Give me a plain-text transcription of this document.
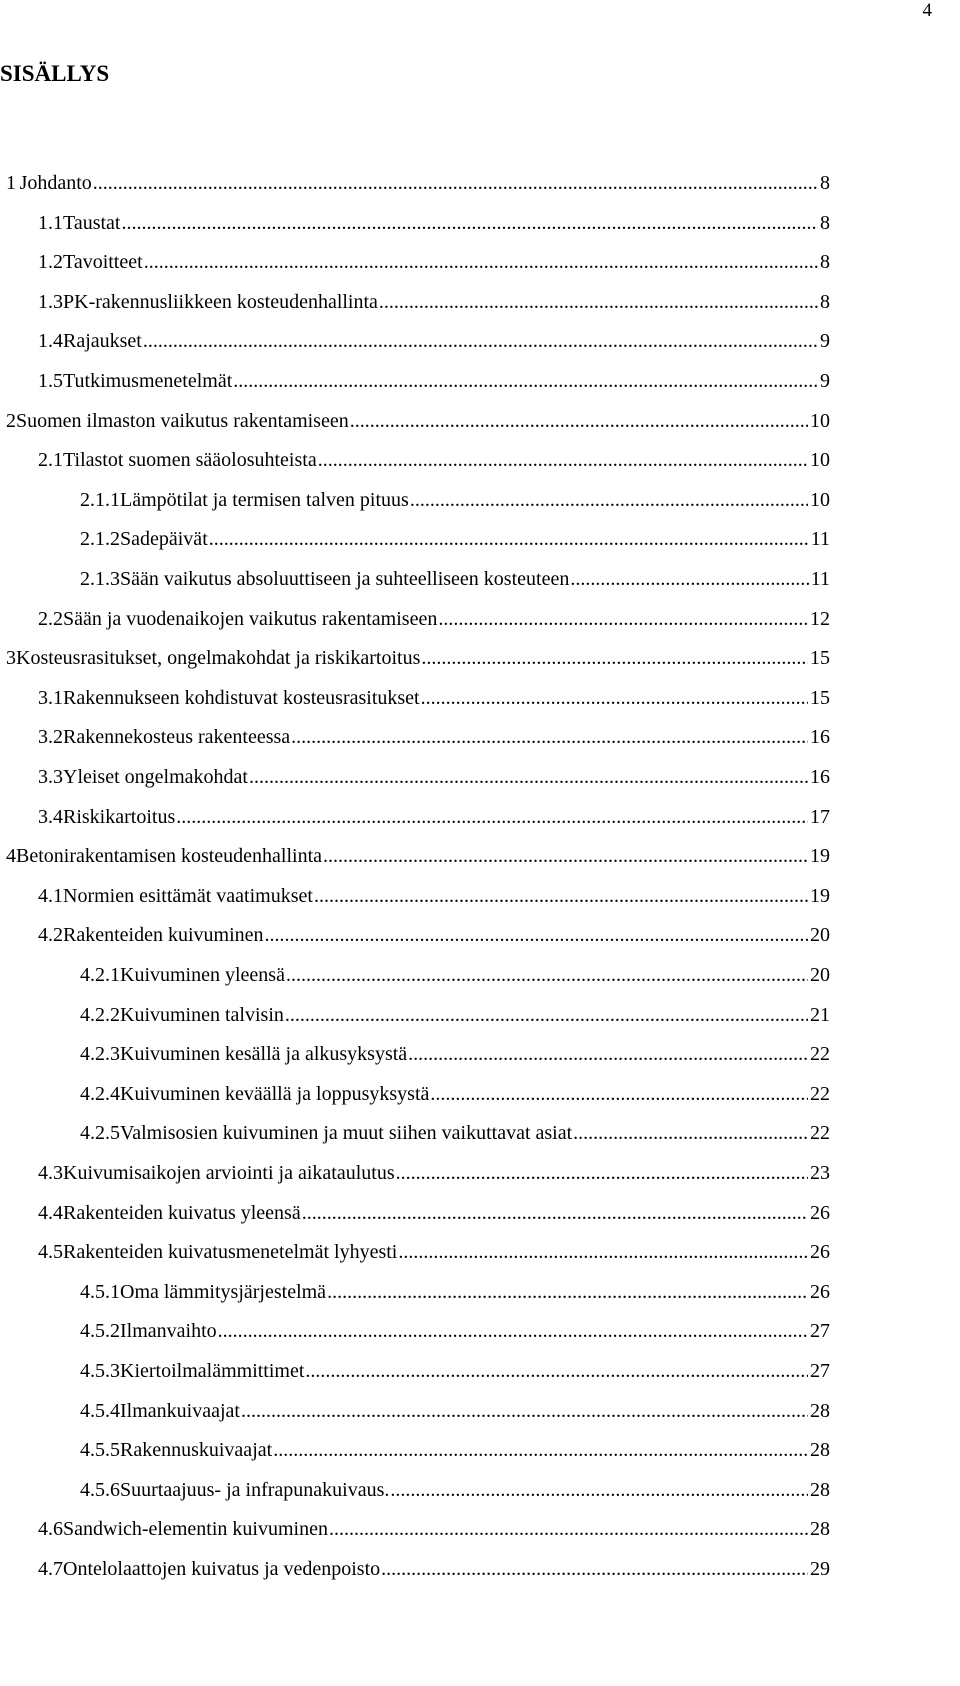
4
SISÄLLYS
1 Johdanto .....	8
1.1 Taustat .....	8
1.2 Tavoitteet .....	8
1.3 PK-rakennusliikkeen kosteudenhallinta .....	8
1.4 Rajaukset .....	9
1.5 Tutkimusmenetelmät .....	9
2 Suomen ilmaston vaikutus rakentamiseen .....	10
2.1 Tilastot suomen sääolosuhteista .....	10
2.1.1 Lämpötilat ja termisen talven pituus .....	10
2.1.2 Sadepäivät .....	11
2.1.3 Sään vaikutus absoluuttiseen ja suhteelliseen kosteuteen .....	11
2.2 Sään ja vuodenaikojen vaikutus rakentamiseen .....	12
3 Kosteusrasitukset, ongelmakohdat ja riskikartoitus .....	15
3.1 Rakennukseen kohdistuvat kosteusrasitukset .....	15
3.2 Rakennekosteus rakenteessa .....	16
3.3 Yleiset ongelmakohdat .....	16
3.4 Riskikartoitus .....	17
4 Betonirakentamisen kosteudenhallinta .....	19
4.1 Normien esittämät vaatimukset .....	19
4.2 Rakenteiden kuivuminen .....	20
4.2.1 Kuivuminen yleensä .....	20
4.2.2 Kuivuminen talvisin .....	21
4.2.3 Kuivuminen kesällä ja alkusyksystä .....	22
4.2.4 Kuivuminen keväällä ja loppusyksystä .....	22
4.2.5 Valmisosien kuivuminen ja muut siihen vaikuttavat asiat .....	22
4.3 Kuivumisaikojen arviointi ja aikataulutus .....	23
4.4 Rakenteiden kuivatus yleensä .....	26
4.5 Rakenteiden kuivatusmenetelmät lyhyesti .....	26
4.5.1 Oma lämmitysjärjestelmä .....	26
4.5.2 Ilmanvaihto .....	27
4.5.3 Kiertoilmalämmittimet .....	27
4.5.4 Ilmankuivaajat .....	28
4.5.5 Rakennuskuivaajat .....	28
4.5.6 Suurtaajuus- ja infrapunakuivaus. .....	28
4.6 Sandwich-elementin kuivuminen .....	28
4.7 Ontelolaattojen kuivatus ja vedenpoisto .....	29
